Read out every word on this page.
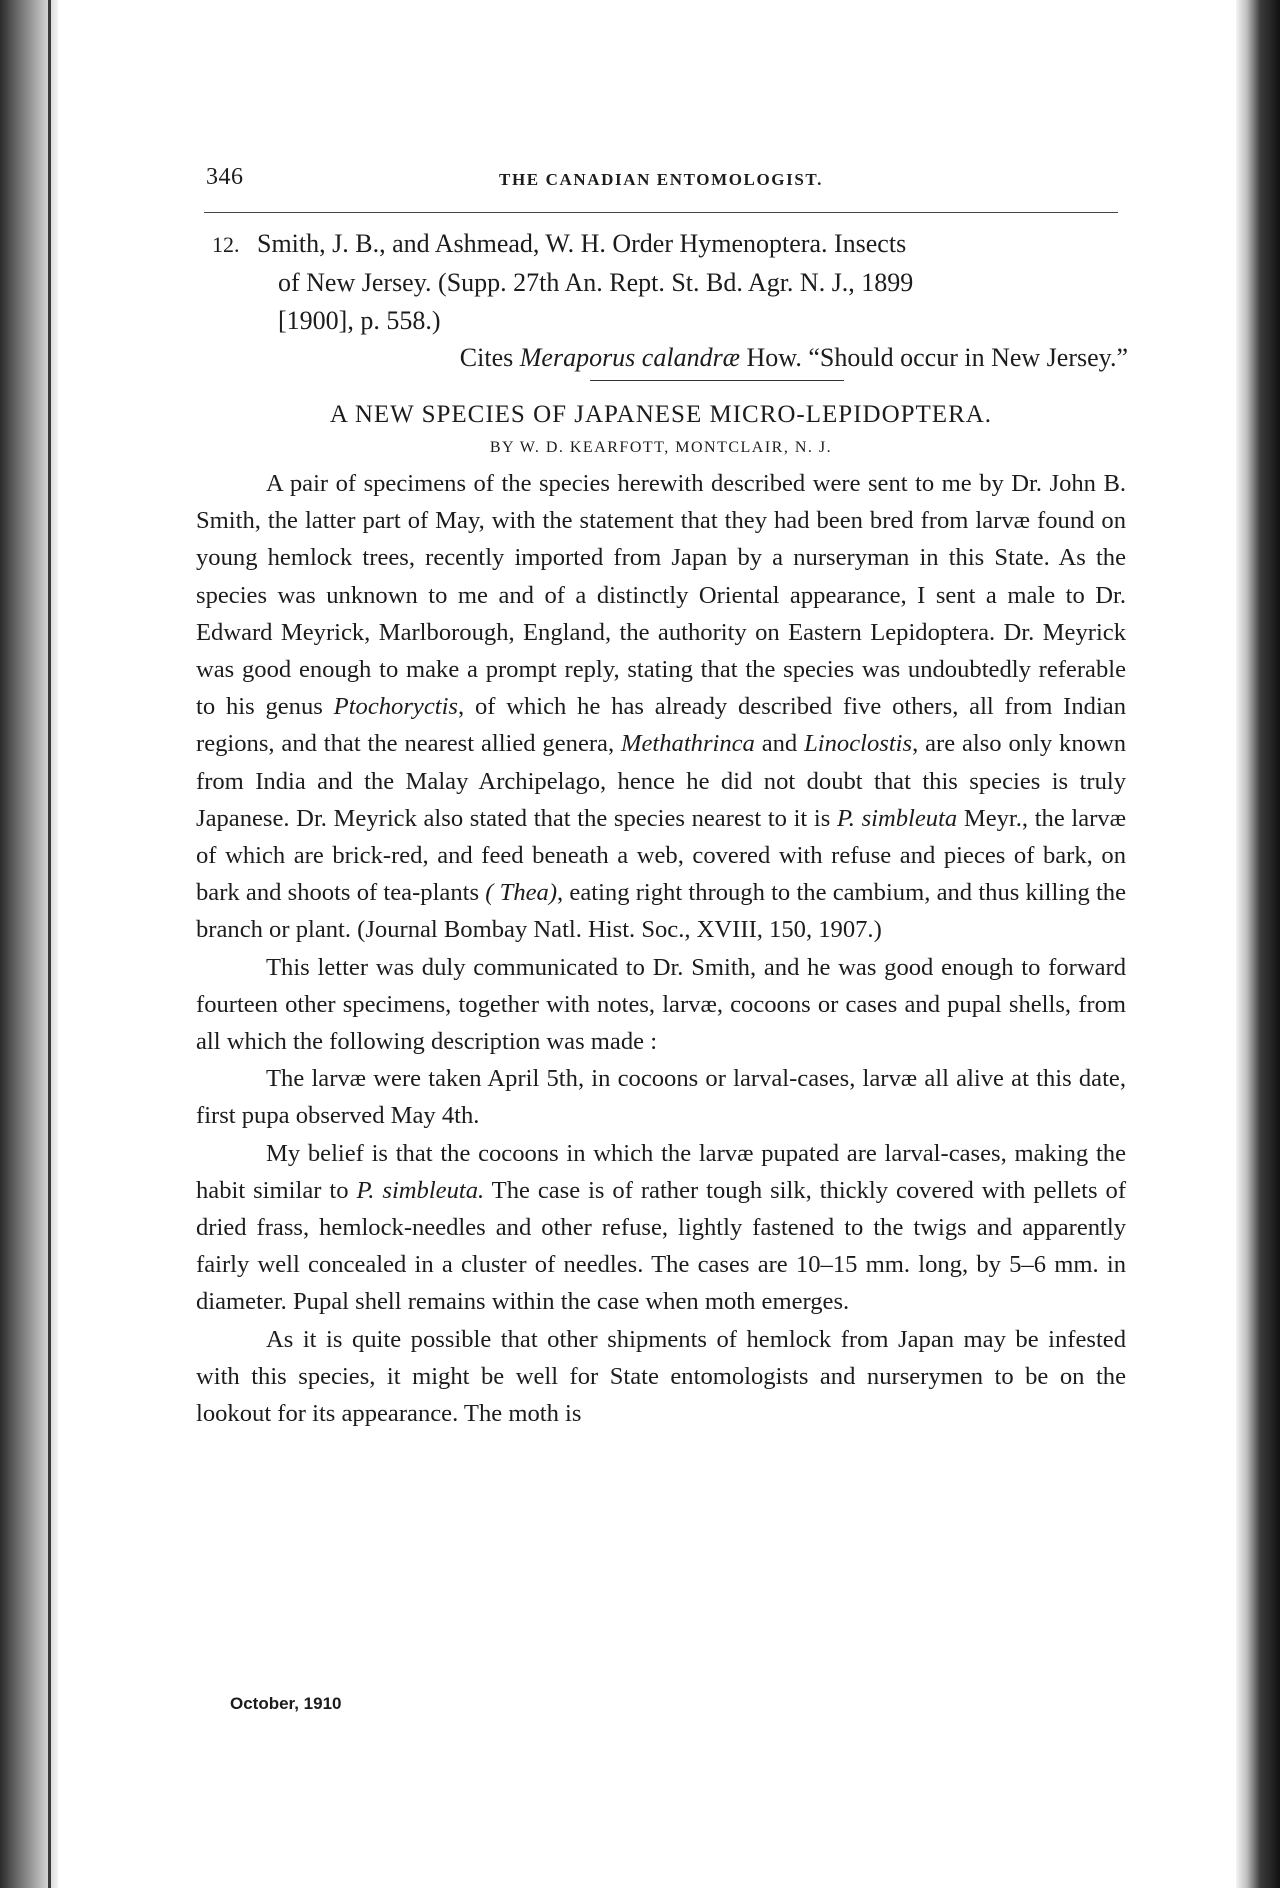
346	THE CANADIAN ENTOMOLOGIST.
12. Smith, J. B., and Ashmead, W. H. Order Hymenoptera. Insects
of New Jersey. (Supp. 27th An. Rept. St. Bd. Agr. N. J., 1899
[1900], p. 558.)
Cites Meraporus calandræ How. “Should occur in New Jersey.”
A NEW SPECIES OF JAPANESE MICRO-LEPIDOPTERA.
BY W. D. KEARFOTT, MONTCLAIR, N. J.

A pair of specimens of the species herewith described were sent to me by Dr. John B. Smith, the latter part of May, with the statement that they had been bred from larvæ found on young hemlock trees, recently imported from Japan by a nurseryman in this State. As the species was unknown to me and of a distinctly Oriental appearance, I sent a male to Dr. Edward Meyrick, Marlborough, England, the authority on Eastern Lepidoptera. Dr. Meyrick was good enough to make a prompt reply, stating that the species was undoubtedly referable to his genus Ptochoryctis, of which he has already described five others, all from Indian regions, and that the nearest allied genera, Methathrinca and Linoclostis, are also only known from India and the Malay Archipelago, hence he did not doubt that this species is truly Japanese. Dr. Meyrick also stated that the species nearest to it is P. simbleuta Meyr., the larvæ of which are brick-red, and feed beneath a web, covered with refuse and pieces of bark, on bark and shoots of tea-plants ( Thea), eating right through to the cambium, and thus killing the branch or plant. (Journal Bombay Natl. Hist. Soc., XVIII, 150, 1907.)

This letter was duly communicated to Dr. Smith, and he was good enough to forward fourteen other specimens, together with notes, larvæ, cocoons or cases and pupal shells, from all which the following description was made :

The larvæ were taken April 5th, in cocoons or larval-cases, larvæ all alive at this date, first pupa observed May 4th.

My belief is that the cocoons in which the larvæ pupated are larval-cases, making the habit similar to P. simbleuta. The case is of rather tough silk, thickly covered with pellets of dried frass, hemlock-needles and other refuse, lightly fastened to the twigs and apparently fairly well concealed in a cluster of needles. The cases are 10–15 mm. long, by 5–6 mm. in diameter. Pupal shell remains within the case when moth emerges.

As it is quite possible that other shipments of hemlock from Japan may be infested with this species, it might be well for State entomologists and nurserymen to be on the lookout for its appearance. The moth is

October, 1910
